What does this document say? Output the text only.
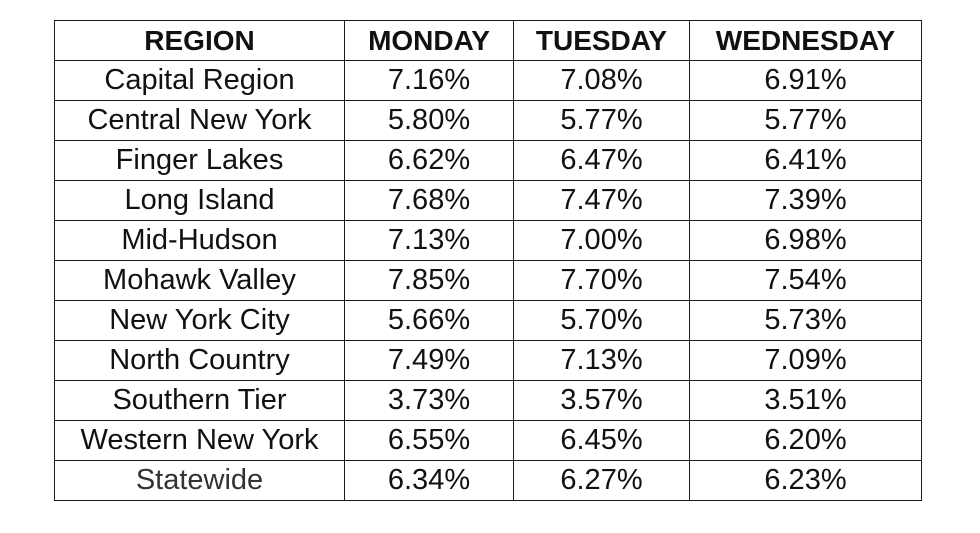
REGION	MONDAY	TUESDAY	WEDNESDAY
Capital Region	7.16%	7.08%	6.91%
Central New York	5.80%	5.77%	5.77%
Finger Lakes	6.62%	6.47%	6.41%
Long Island	7.68%	7.47%	7.39%
Mid-Hudson	7.13%	7.00%	6.98%
Mohawk Valley	7.85%	7.70%	7.54%
New York City	5.66%	5.70%	5.73%
North Country	7.49%	7.13%	7.09%
Southern Tier	3.73%	3.57%	3.51%
Western New York	6.55%	6.45%	6.20%
Statewide	6.34%	6.27%	6.23%
